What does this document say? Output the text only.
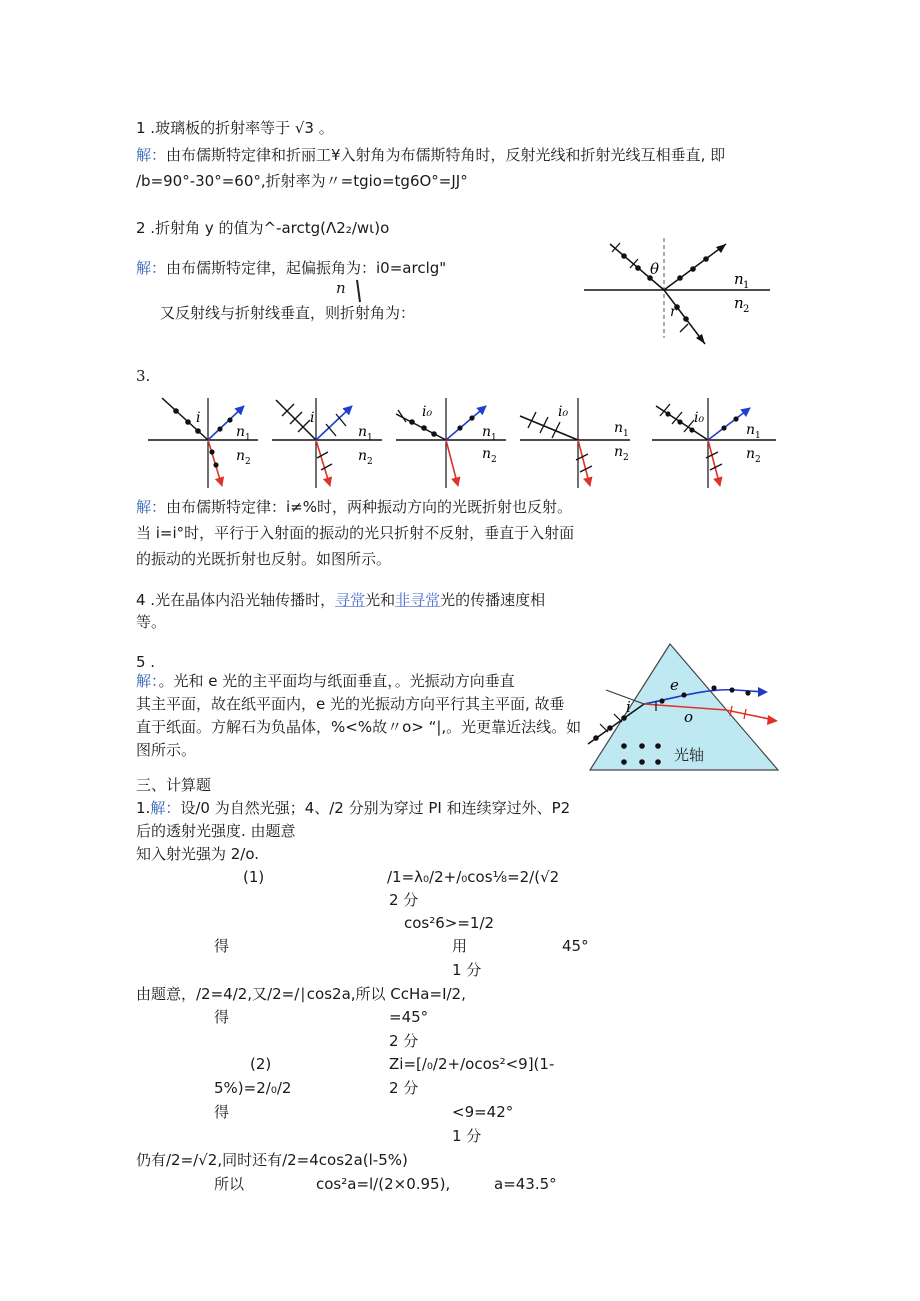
1 .玻璃板的折射率等于 √3 。
解：由布儒斯特定律和折丽工¥入射角为布儒斯特角时，反射光线和折射光线互相垂直, 即
/b=90°-30°=60°,折射率为〃=tgio=tg6O°=JJ°
2 .折射角 y 的值为^-arctg(Λ2₂/wι)o
解：由布儒斯特定律，起偏振角为：i0=arclg"
n
又反射线与折射线垂直，则折射角为：
θ
r
n 1
n 2
3.
i	i	i₀
n 1
n 2
i₀
n 1
n 2
i₀
n 1
n 2
n 1
n 2
n 1
n 2
解：由布儒斯特定律：i≠%时，两种振动方向的光既折射也反射。
当 i=i°时，平行于入射面的振动的光只折射不反射，垂直于入射面
的振动的光既折射也反射。如图所示。
4 .光在晶体内沿光轴传播时，寻常光和非寻常光的传播速度相
等。
5 .
解：。光和 e 光的主平面均与纸面垂直，。光振动方向垂直
其主平面，故在纸平面内，e 光的光振动方向平行其主平面, 故垂
直于纸面。方解石为负晶体，%<%故〃o> “|,。光更靠近法线。如
图所示。
e
o
i
光轴
三、计算题
1.解：设/0 为自然光强；4、/2 分别为穿过 PI 和连续穿过外、P2
后的透射光强度. 由题意
知入射光强为 2/o.
(1)	/1=λ₀/2+/₀cos⅛=2/(√2
2 分
cos²6>=1/2
得	用	45°
1 分
由题意，/2=4/2,又/2=/∣cos2a,所以 CcHa=I/2,
得	=45°
2 分
(2)	Zi=[/₀/2+/ocos²<9](1-
5%)=2/₀/2	2 分
得	<9=42°
1 分
仍有/2=/√2,同时还有/2=4cos2a(l-5%)
所以	cos²a=l/(2×0.95),	a=43.5°
